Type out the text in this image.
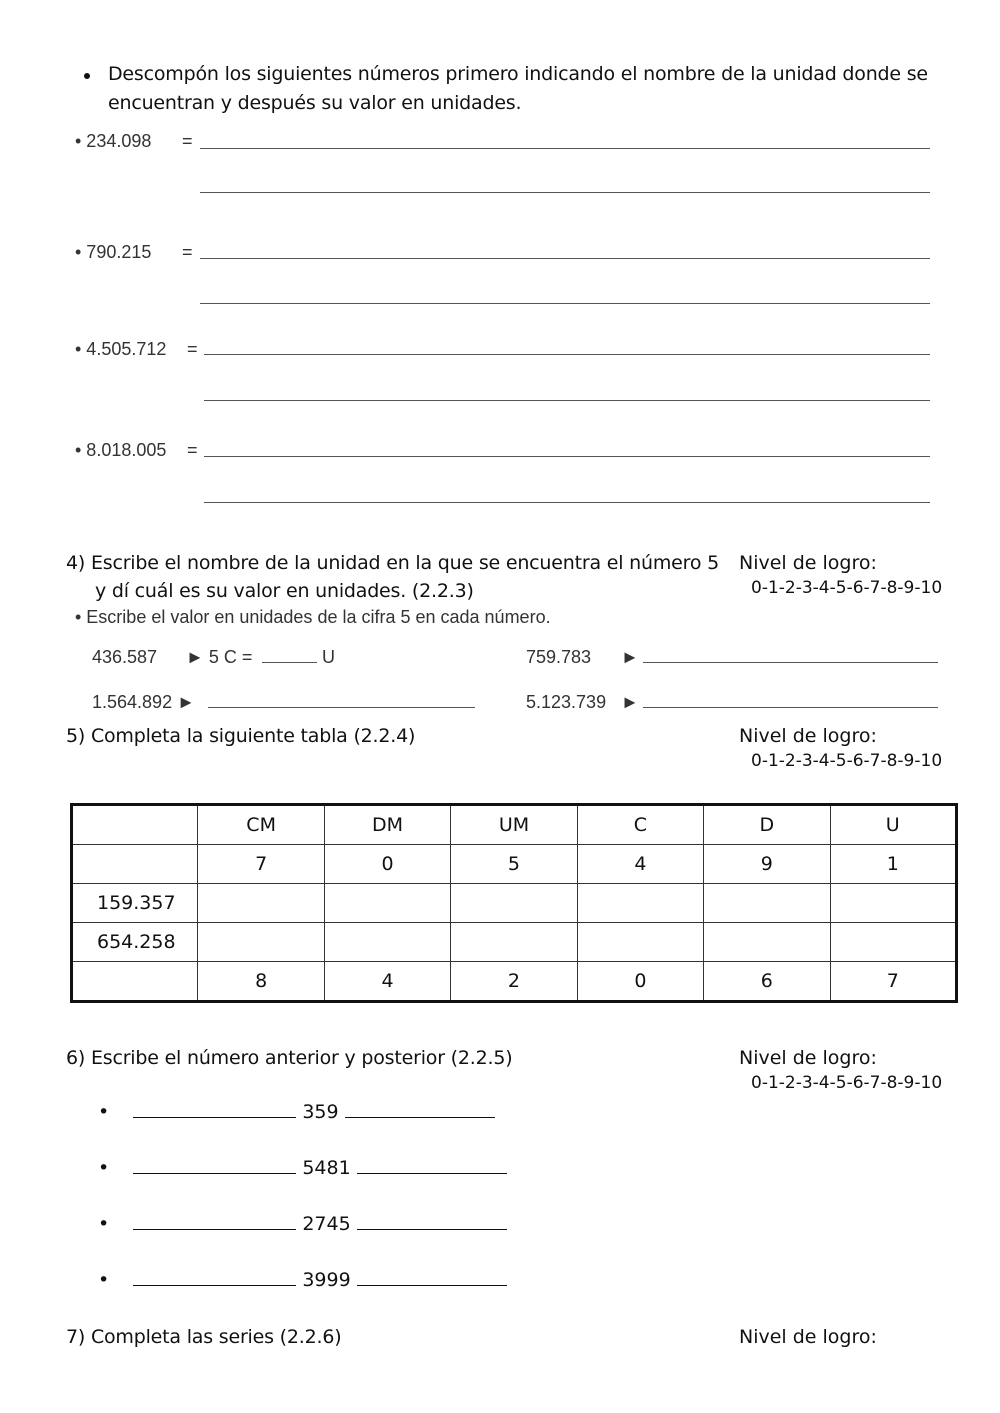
Descompón los siguientes números primero indicando el nombre de la unidad donde se
encuentran y después su valor en unidades.
• 234.098 =
• 790.215 =
• 4.505.712 =
• 8.018.005 =
4) Escribe el nombre de la unidad en la que se encuentra el número 5
y dí cuál es su valor en unidades. (2.2.3)
Nivel de logro:
0-1-2-3-4-5-6-7-8-9-10
• Escribe el valor en unidades de la cifra 5 en cada número.
436.587 ► 5 C =	U	759.783 ►
1.564.892 ►	5.123.739 ►
5) Completa la siguiente tabla (2.2.4)	Nivel de logro:
0-1-2-3-4-5-6-7-8-9-10
	CM	DM	UM	C	D	U
	7	0	5	4	9	1
159.357						
654.258						
	8	4	2	0	6	7
6) Escribe el número anterior y posterior (2.2.5)	Nivel de logro:
0-1-2-3-4-5-6-7-8-9-10
•	359
•	5481
•	2745
•	3999
7) Completa las series (2.2.6)	Nivel de logro:
